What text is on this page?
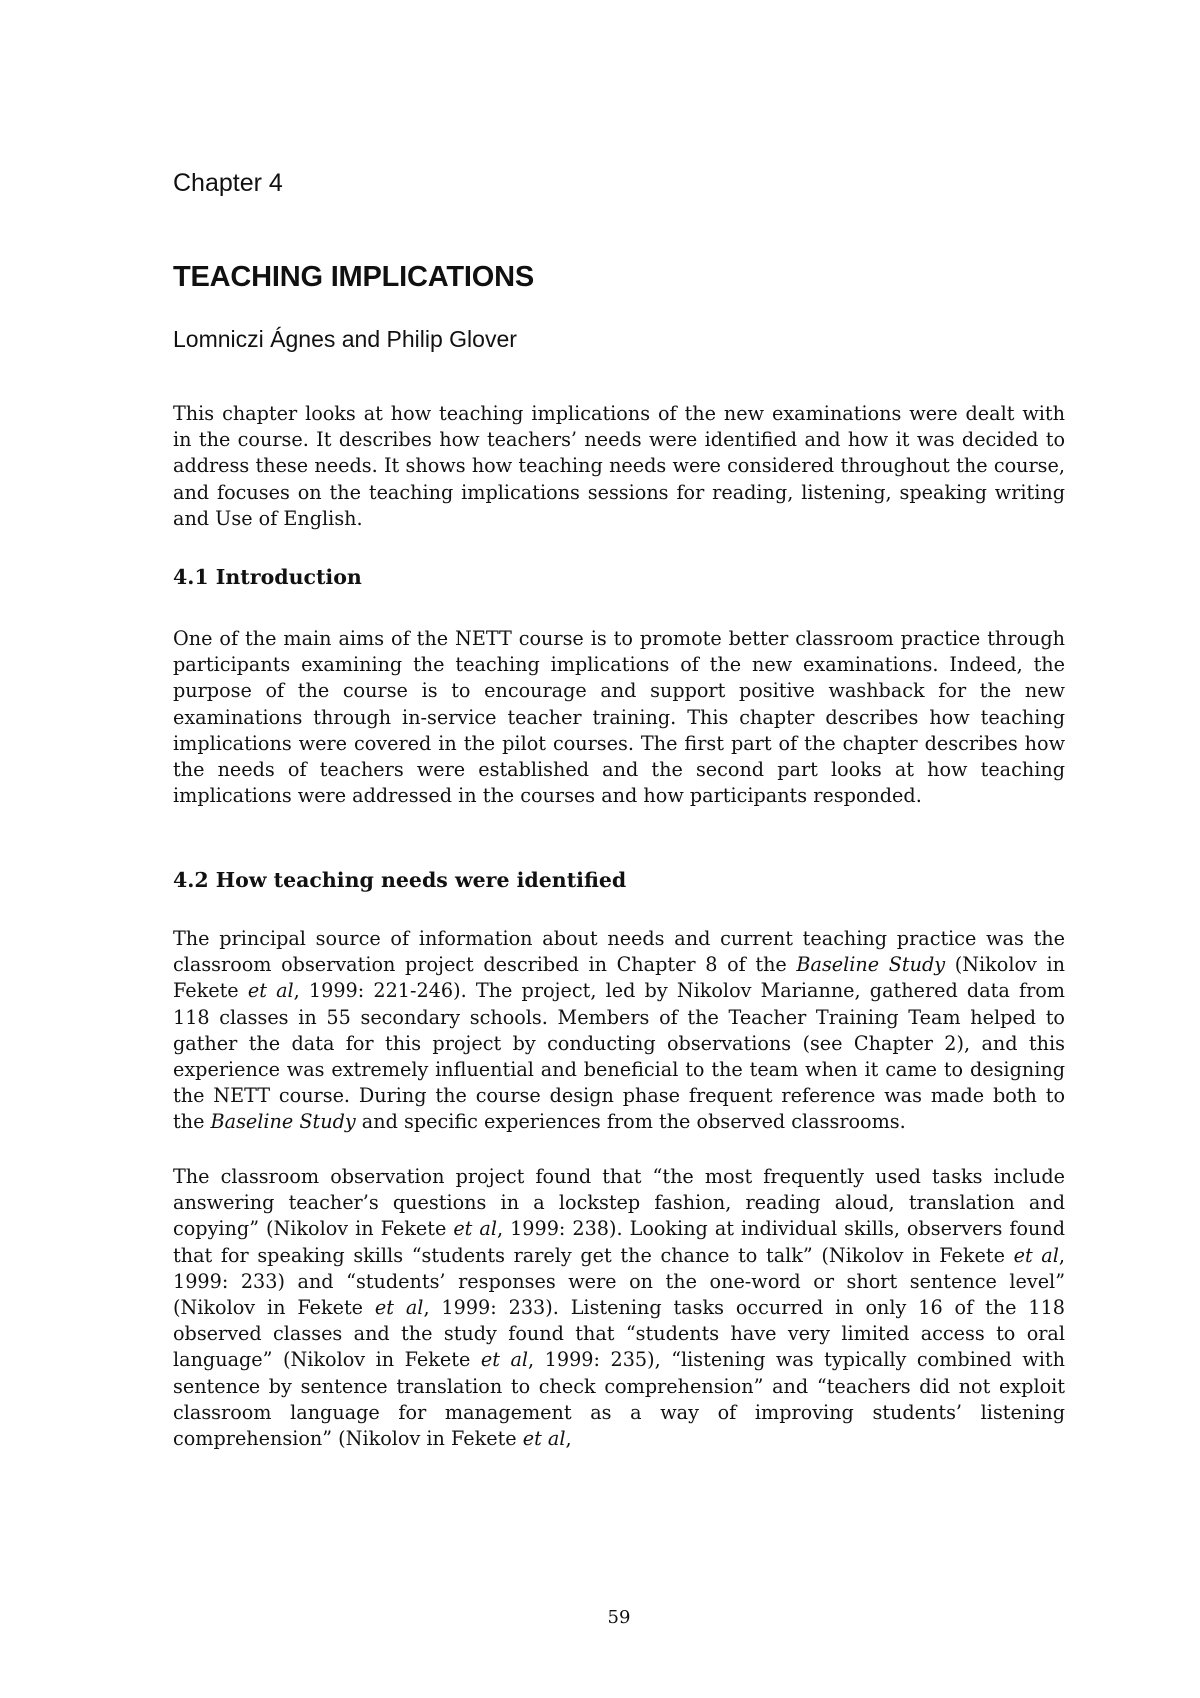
Chapter 4

TEACHING IMPLICATIONS

Lomniczi Ágnes and Philip Glover

This chapter looks at how teaching implications of the new examinations were dealt with in the course. It describes how teachers’ needs were identified and how it was decided to address these needs. It shows how teaching needs were considered throughout the course, and focuses on the teaching implications sessions for reading, listening, speaking writing and Use of English.

4.1 Introduction

One of the main aims of the NETT course is to promote better classroom practice through participants examining the teaching implications of the new examinations. Indeed, the purpose of the course is to encourage and support positive washback for the new examinations through in-service teacher training. This chapter describes how teaching implications were covered in the pilot courses. The first part of the chapter describes how the needs of teachers were established and the second part looks at how teaching implications were addressed in the courses and how participants responded.

4.2 How teaching needs were identified

The principal source of information about needs and current teaching practice was the classroom observation project described in Chapter 8 of the Baseline Study (Nikolov in Fekete et al, 1999: 221-246). The project, led by Nikolov Marianne, gathered data from 118 classes in 55 secondary schools. Members of the Teacher Training Team helped to gather the data for this project by conducting observations (see Chapter 2), and this experience was extremely influential and beneficial to the team when it came to designing the NETT course. During the course design phase frequent reference was made both to the Baseline Study and specific experiences from the observed classrooms.

The classroom observation project found that “the most frequently used tasks include answering teacher’s questions in a lockstep fashion, reading aloud, translation and copying” (Nikolov in Fekete et al, 1999: 238). Looking at individual skills, observers found that for speaking skills “students rarely get the chance to talk” (Nikolov in Fekete et al, 1999: 233) and “students’ responses were on the one-word or short sentence level” (Nikolov in Fekete et al, 1999: 233). Listening tasks occurred in only 16 of the 118 observed classes and the study found that “students have very limited access to oral language” (Nikolov in Fekete et al, 1999: 235), “listening was typically combined with sentence by sentence translation to check comprehension” and “teachers did not exploit classroom language for management as a way of improving students’ listening comprehension” (Nikolov in Fekete et al,

59
